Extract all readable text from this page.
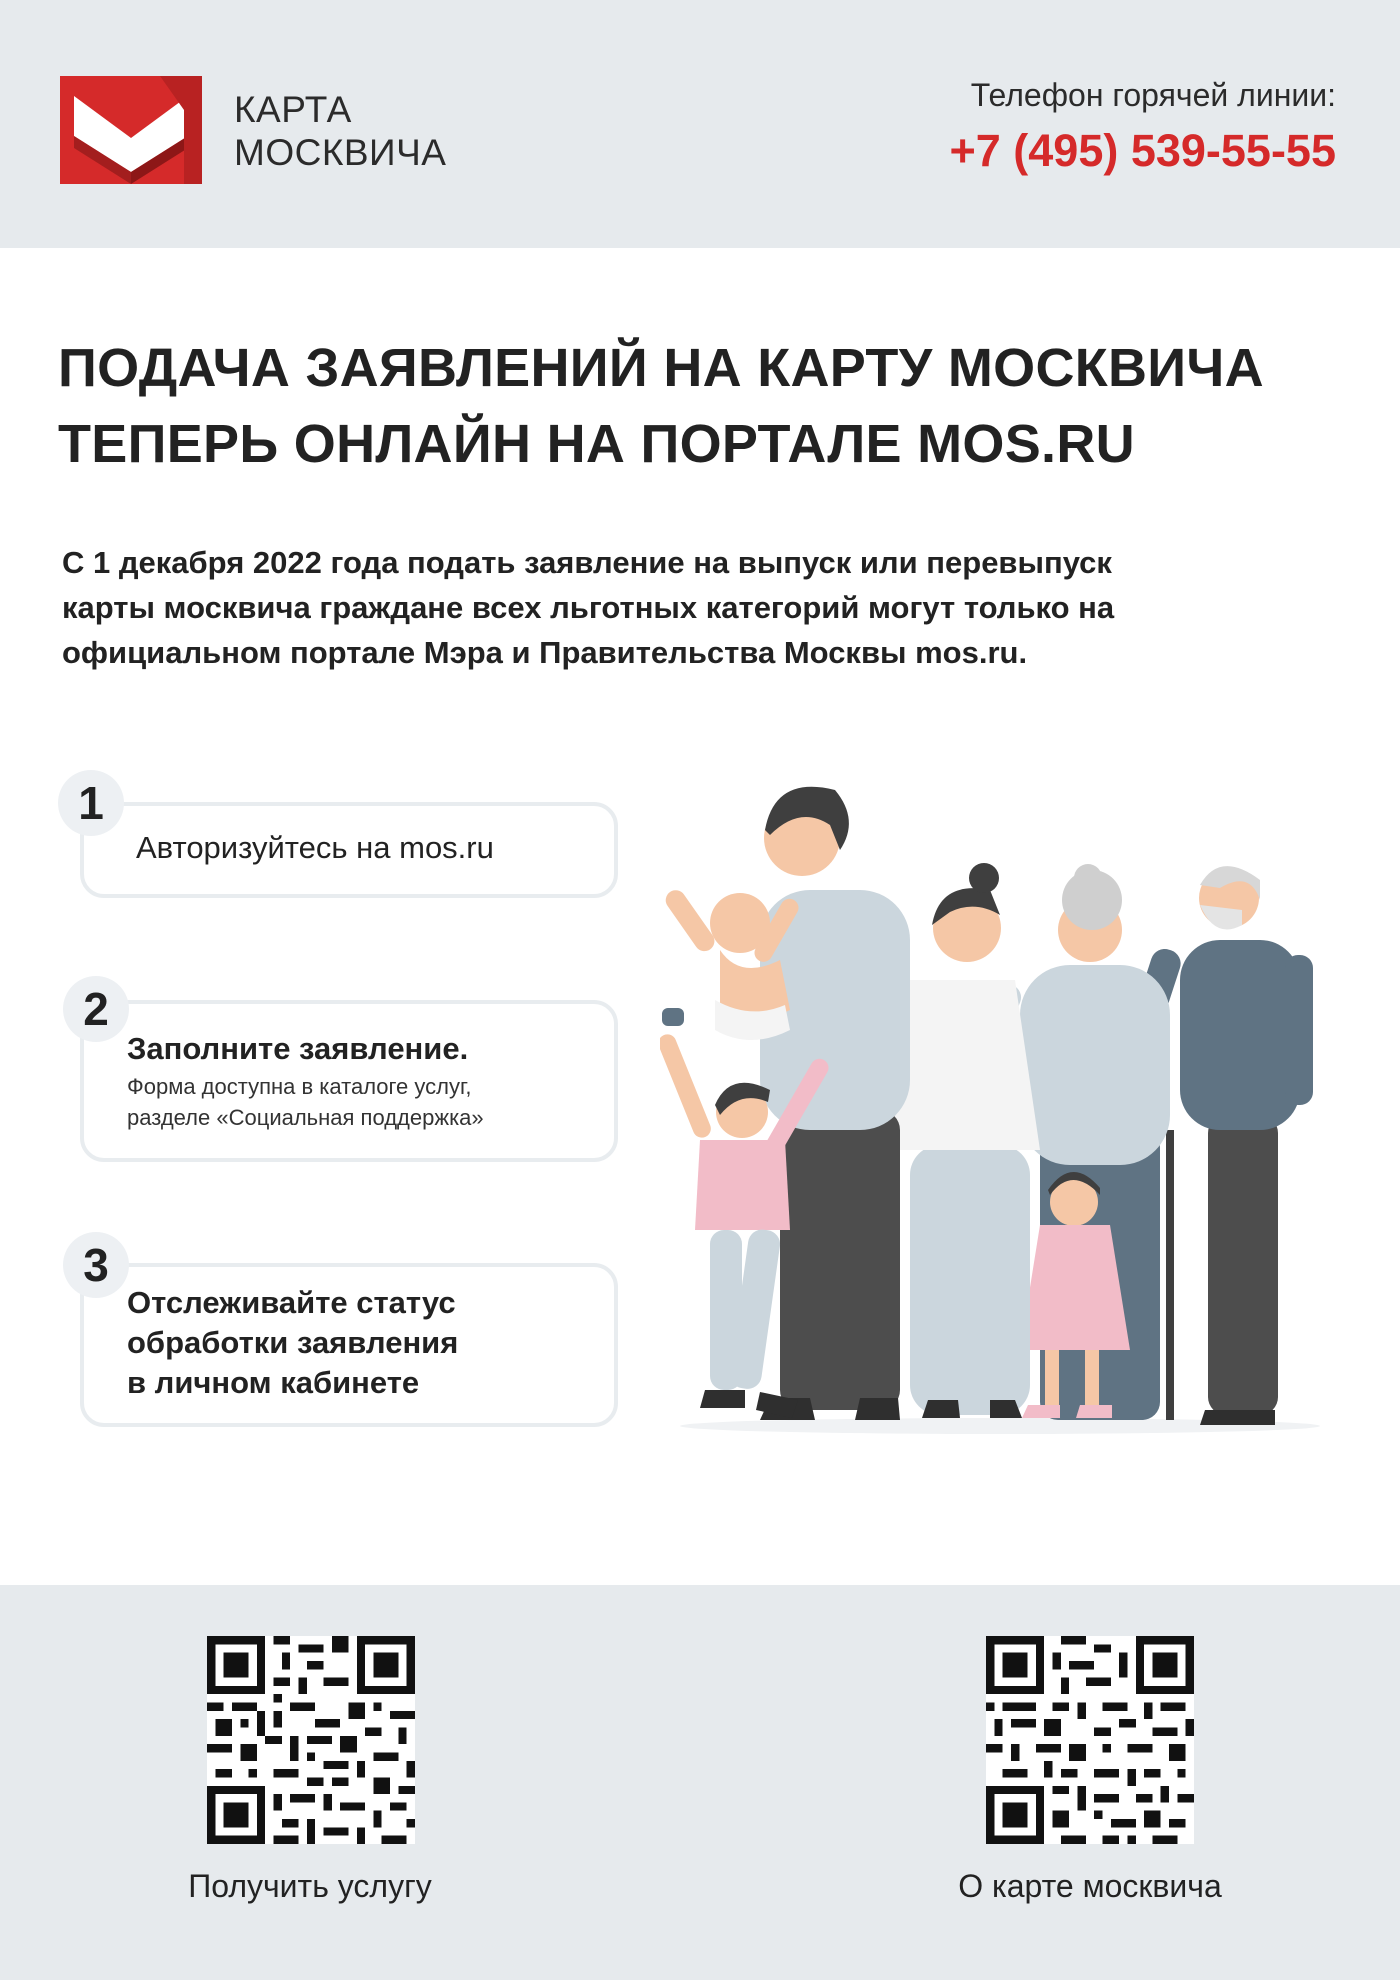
КАРТА
МОСКВИЧА
Телефон горячей линии:
+7 (495) 539-55-55
ПОДАЧА ЗАЯВЛЕНИЙ НА КАРТУ МОСКВИЧА
ТЕПЕРЬ ОНЛАЙН НА ПОРТАЛЕ MOS.RU
С 1 декабря 2022 года подать заявление на выпуск или перевыпуск
карты москвича граждане всех льготных категорий могут только на
официальном портале Мэра и Правительства Москвы mos.ru.
1
Авторизуйтесь на mos.ru
2
Заполните заявление.
Форма доступна в каталоге услуг,
разделе «Социальная поддержка»
3
Отслеживайте статус
обработки заявления
в личном кабинете
Получить услугу	О карте москвича
